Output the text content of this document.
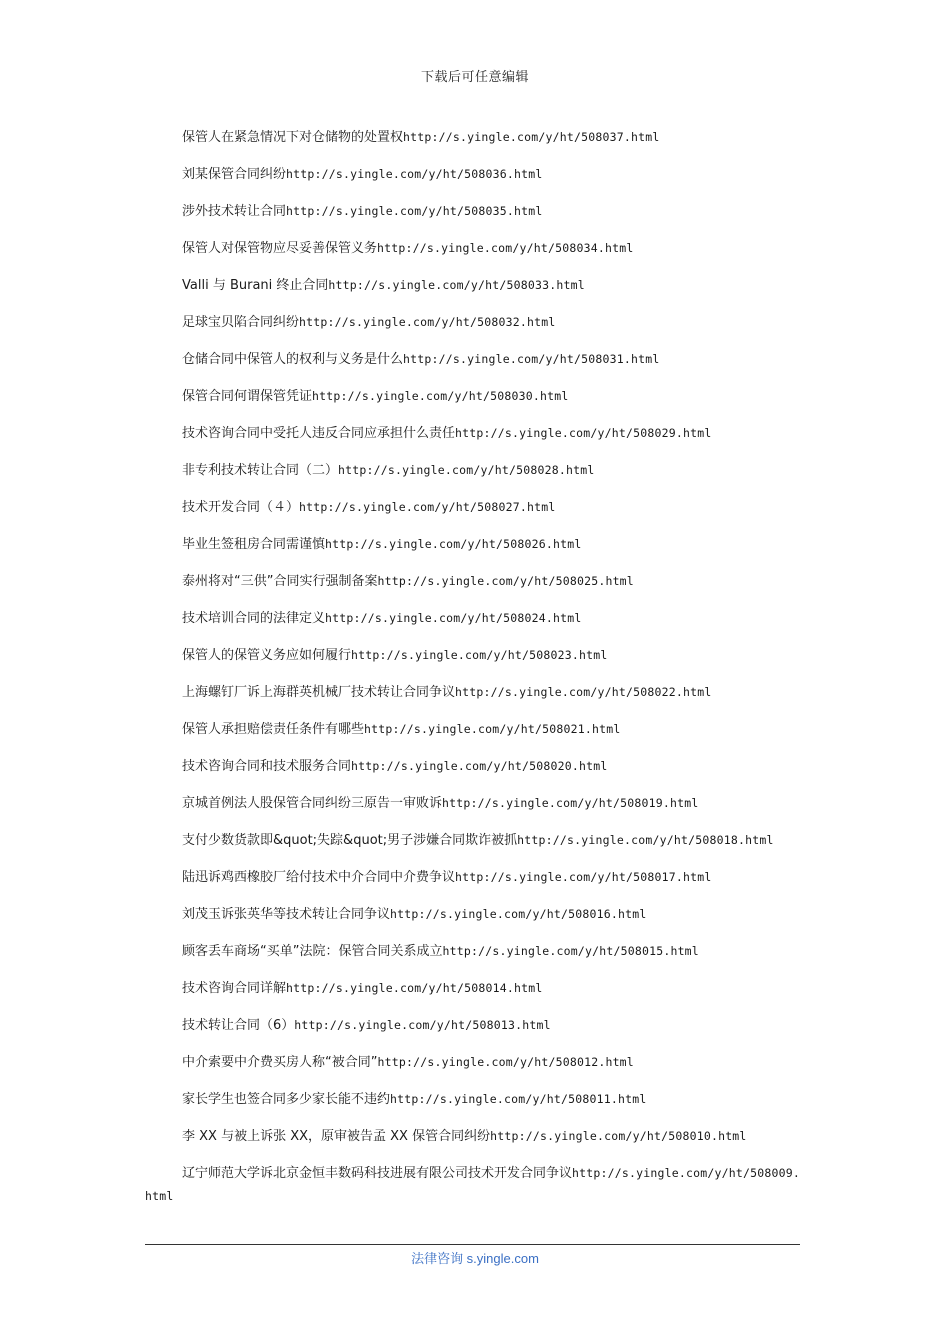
下载后可任意编辑
保管人在紧急情况下对仓储物的处置权http://s.yingle.com/y/ht/508037.html
刘某保管合同纠纷http://s.yingle.com/y/ht/508036.html
涉外技术转让合同http://s.yingle.com/y/ht/508035.html
保管人对保管物应尽妥善保管义务http://s.yingle.com/y/ht/508034.html
Valli 与 Burani 终止合同http://s.yingle.com/y/ht/508033.html
足球宝贝陷合同纠纷http://s.yingle.com/y/ht/508032.html
仓储合同中保管人的权利与义务是什么http://s.yingle.com/y/ht/508031.html
保管合同何谓保管凭证http://s.yingle.com/y/ht/508030.html
技术咨询合同中受托人违反合同应承担什么责任http://s.yingle.com/y/ht/508029.html
非专利技术转让合同（二）http://s.yingle.com/y/ht/508028.html
技术开发合同（４）http://s.yingle.com/y/ht/508027.html
毕业生签租房合同需谨慎http://s.yingle.com/y/ht/508026.html
泰州将对“三供”合同实行强制备案http://s.yingle.com/y/ht/508025.html
技术培训合同的法律定义http://s.yingle.com/y/ht/508024.html
保管人的保管义务应如何履行http://s.yingle.com/y/ht/508023.html
上海螺钉厂诉上海群英机械厂技术转让合同争议http://s.yingle.com/y/ht/508022.html
保管人承担赔偿责任条件有哪些http://s.yingle.com/y/ht/508021.html
技术咨询合同和技术服务合同http://s.yingle.com/y/ht/508020.html
京城首例法人股保管合同纠纷三原告一审败诉http://s.yingle.com/y/ht/508019.html
支付少数货款即&quot;失踪&quot;男子涉嫌合同欺诈被抓http://s.yingle.com/y/ht/508018.html
陆迅诉鸡西橡胶厂给付技术中介合同中介费争议http://s.yingle.com/y/ht/508017.html
刘茂玉诉张英华等技术转让合同争议http://s.yingle.com/y/ht/508016.html
顾客丢车商场“买单”法院：保管合同关系成立http://s.yingle.com/y/ht/508015.html
技术咨询合同详解http://s.yingle.com/y/ht/508014.html
技术转让合同（6）http://s.yingle.com/y/ht/508013.html
中介索要中介费买房人称“被合同”http://s.yingle.com/y/ht/508012.html
家长学生也签合同多少家长能不违约http://s.yingle.com/y/ht/508011.html
李 XX 与被上诉张 XX，原审被告孟 XX 保管合同纠纷http://s.yingle.com/y/ht/508010.html
辽宁师范大学诉北京金恒丰数码科技进展有限公司技术开发合同争议http://s.yingle.com/y/ht/508009.html
法律咨询 s.yingle.com
